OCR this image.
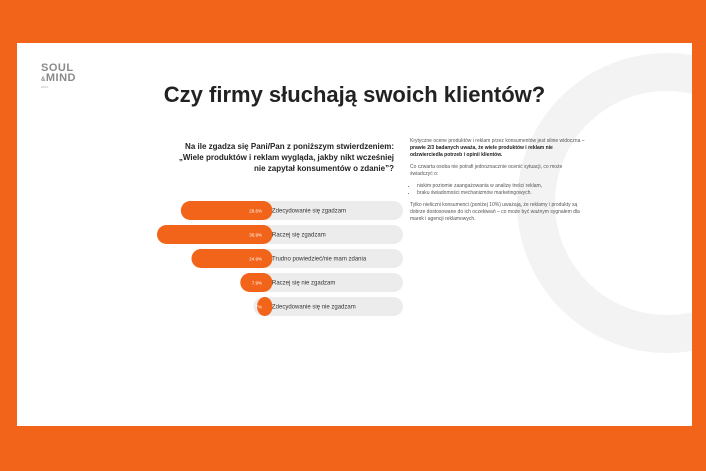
SOUL
&MIND
2024	Czy firmy słuchają swoich klientów?
Na ile zgadza się Pani/Pan z poniższym stwierdzeniem:
„Wiele produktów i reklam wygląda, jakby nikt wcześniej
nie zapytał konsumentów o zdanie”?
28.6% Zdecydowanie się zgadzam
36.9% Raczej się zgadzam
24.9% Trudno powiedzieć/nie mam zdania
7.9% Raczej się nie zgadzam
1.7% Zdecydowanie się nie zgadzam

Krytyczne ocene produktów i reklam przez konsumentów jest silnie widoczna – prawie 2/3 badanych uważa, że wiele produktów i reklam nie odzwierciedla potrzeb i opinii klientów.

Co czwarta osoba nie potrafi jednoznacznie ocenić sytuacji, co może świadczyć o:

• niskim poziomie zaangażowania w analizę treści reklam,
• braku świadomości mechanizmów marketingowych.

Tylko nieliczni konsumenci (poniżej 10%) uważają, że reklamy i produkty są dobrze dostosowane do ich oczekiwań – co może być ważnym sygnałem dla marek i agencji reklamowych.
